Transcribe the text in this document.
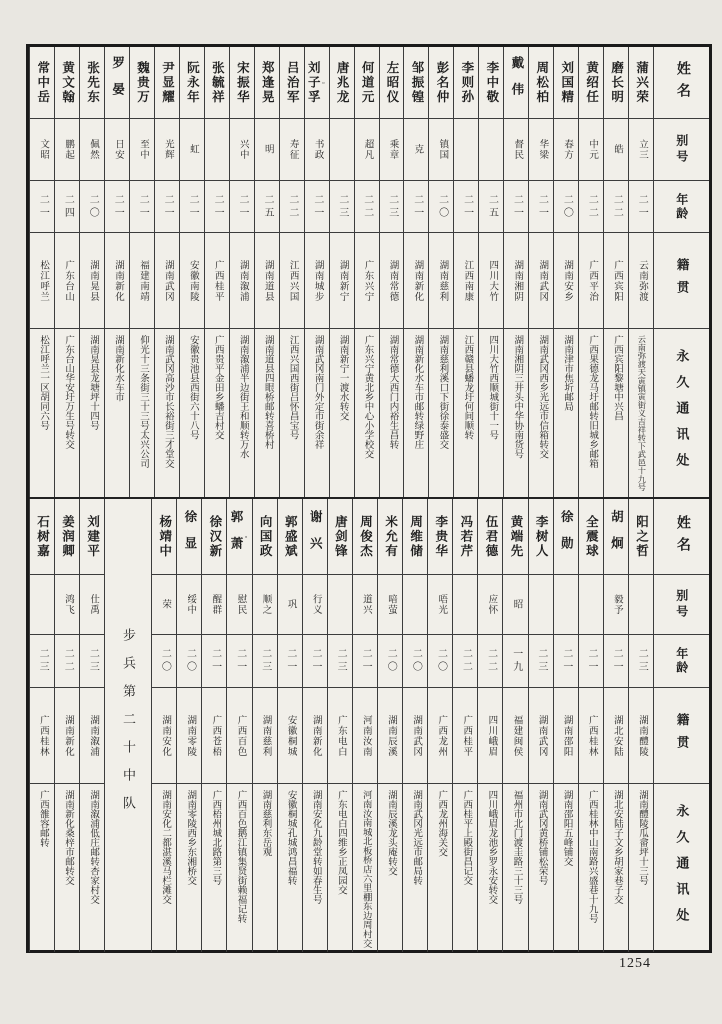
姓名
别号
年龄
籍贯
永久通讯处
蒲兴荣
立三
二一
云南弥渡
云南弥渡天寅镇寅街义吉祥转下武邑十九号
磨长明
皓
二二
广西宾阳
广西宾阳黎塘中兴昌
黄绍任
中元
二二
广西平治
广西果德龙马圩邮转旧城乡邮箱
刘国精
春方
二〇
湖南安乡
湖南津市焦圻邮局
周松柏
华梁
二一
湖南武冈
湖南武冈西乡光远市信箱转交
戴伟
督民
二一
湖南湘阴
湖南湘阴三井头中华协南货号
李中敬
二五
四川大竹
四川大竹西顺城街十一号
李则孙
二一
江西南康
江西赣县蟠龙圩何间顺转
彭名仲
镇国
二〇
湖南慈利
湖南慈利溪口下街徐泰盛交
邹振锽
克
二一
湖南新化
湖南新化水车市邮转绿野庄
左昭仪
乘章
二三
湖南常德
湖南常德大西门内裕生昌转
何道元
超凡
二二
广东兴宁
广东兴宁黄北乡中心小学校交
唐兆龙
二三
湖南新宁
湖南新宁一渡水转交
刘子孚 ▫
书政
二一
湖南城步
湖南武冈南门外定市街余祥
吕治军
寿征
二二
江西兴国
江西兴国西街吕怀昌宝号
郑逢晃
明
二五
湖南道县
湖南道县四眼桥邮转喜桥村
宋振华
兴中
二一
湖南溆浦
湖南溆浦半边街王和顺转万水
张毓祥
二一
广西桂平
广西贵平金田乡蟠吉村交
阮永年
虹
二一
安徽南陵
安徽贵池县西街六十八号
尹显耀
光辉
二一
湖南武冈
湖南武冈高沙市长裕街三才堂交
魏贵万
至中
二一
福建南靖
仰光十三条街三十三号太兴公司
罗晏
日安
二一
湖南新化
湖南新化水车市
张先东
佩然
二〇
湖南晃县
湖南晃县龙塘坪十四号
黄文翰
鹏起
二四
广东台山
广东台山华安圩万生号转交
常中岳
文昭
二一
松江呼兰
松江呼兰一区胡同六号
姓名
别号
年龄
籍贯
永久通讯处
阳之哲
二三
湖南醴陵
湖南醴陵瓜畲坪十三号
胡炯
毅予
二一
湖北安陆
湖北安陆子文乡胡家巷子交
全震球
二一
广西桂林
广西桂林中山南路兴盛巷十九号
徐勋
二一
湖南邵阳
湖南邵阳五峰铺交
李树人
二三
湖南武冈
湖南武冈黄桥铺松荣号
黄端先
昭
一九
福建闽侯
福州市北门渡圭路三十三号
伍君德
应怀
二二
四川峨眉
四川峨眉龙池乡罗永安转交
冯若芹
二二
广西桂平
广西桂平上殿街昌记交
李贵华
唔光
二〇
广西龙州
广西龙州海关交
周维储
二〇
湖南武冈
湖南武冈光远市邮局转
米允有
喑萤
二〇
湖南辰溪
湖南辰溪龙头庵转交
周俊杰
道兴
二一
河南汝南
河南汝南城北板桥店六里棚东边周村交
唐剑锋
二三
广东电白
广东电白四维乡正凤园交
谢兴
行义
二一
湖南新化
湖南安化九龄堂转如春生号
郭盛斌
巩
二一
安徽桐城
安徽桐城孔城鸿昌福转
向国政
顺之
二三
湖南慈利
湖南慈利东岳观
郭萧 ▫
慰民
二一
广西百色
广西百色鹅江镇集贤街赖福记转
徐汉新
醒群
二一
广西苍梧
广西梧州城北路第三号
徐显
绥中
二〇
湖南零陵
湖南零陵西乡东湘桥交
杨靖中
荣
二〇
湖南安化
湖南安化二都湛溪马栏滩交
步兵第二十中队
刘建平
仕禹
二三
湖南溆浦
湖南溆浦低庄邮转杏家村交
姜润卿
鸿飞
二二
湖南新化
湖南新化桑梓市邮转交
石树嘉
二三
广西桂林
广西雒容邮转
1254
